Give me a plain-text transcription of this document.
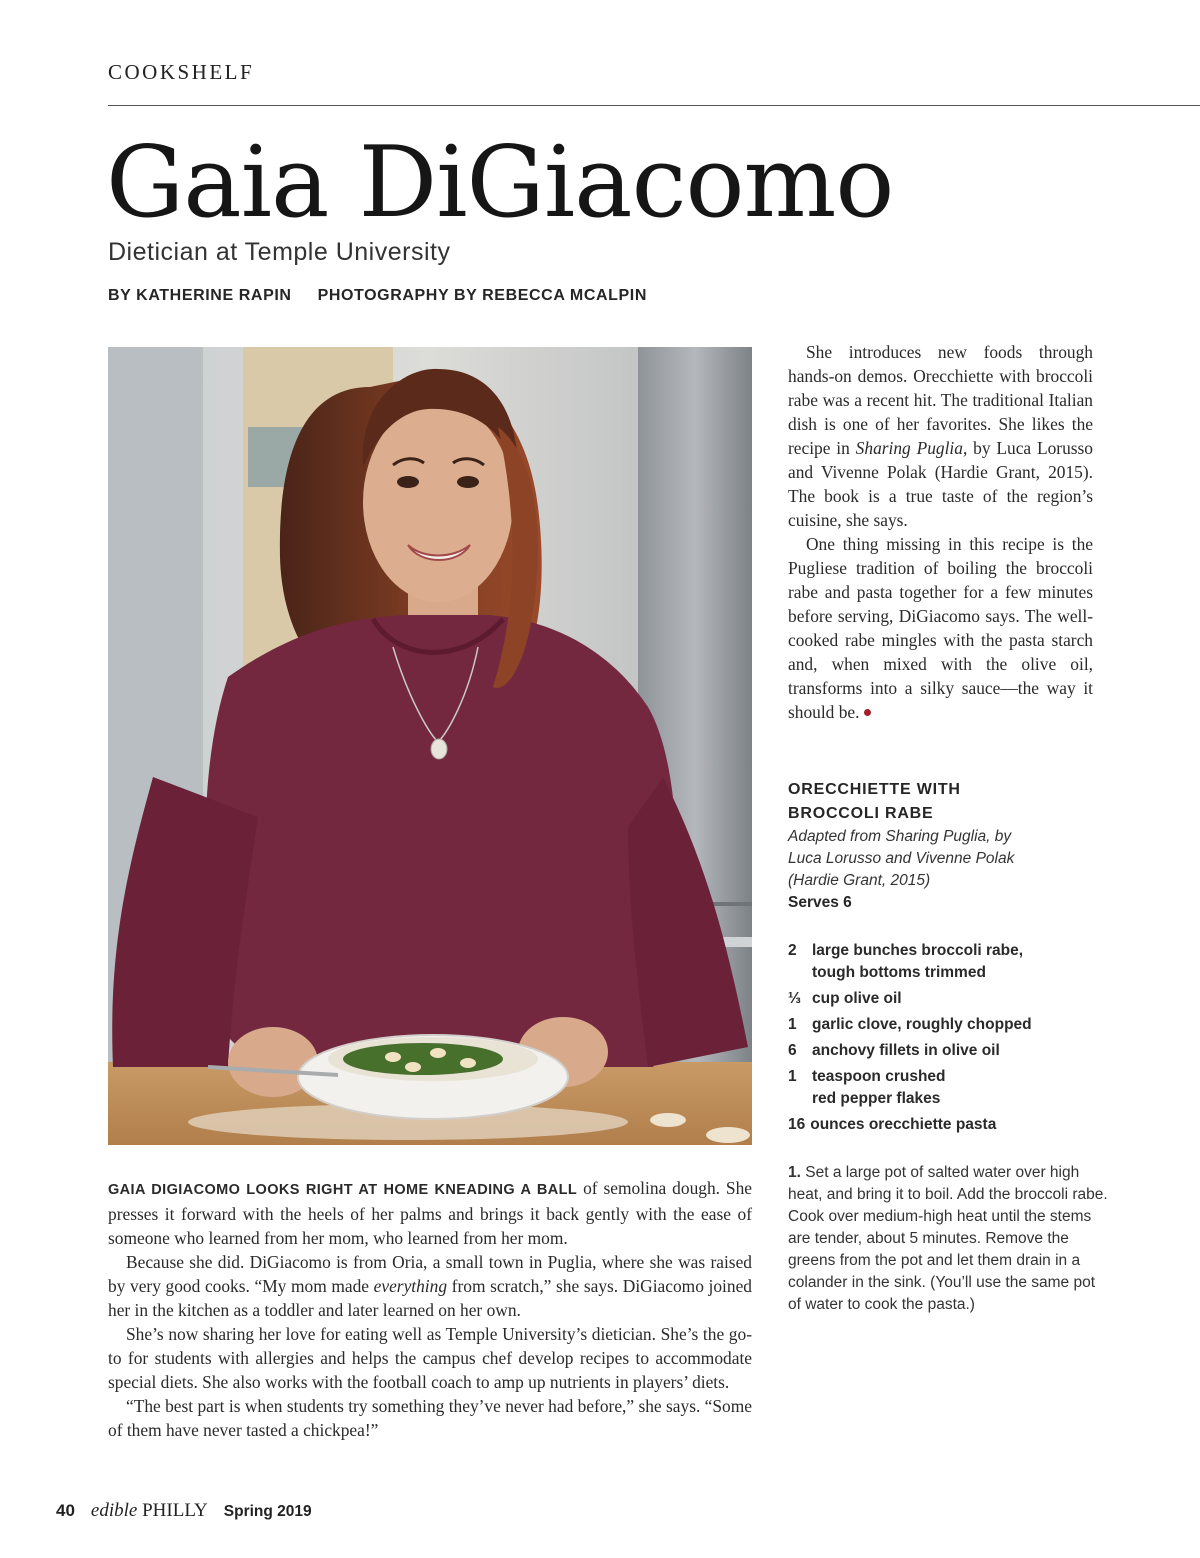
COOKSHELF
Gaia DiGiacomo
Dietician at Temple University
BY KATHERINE RAPIN PHOTOGRAPHY BY REBECCA MCALPIN

GAIA DIGIACOMO LOOKS RIGHT AT HOME KNEADING A BALL of semolina dough. She presses it forward with the heels of her palms and brings it back gently with the ease of someone who learned from her mom, who learned from her mom.

Because she did. DiGiacomo is from Oria, a small town in Puglia, where she was raised by very good cooks. “My mom made everything from scratch,” she says. DiGiacomo joined her in the kitchen as a toddler and later learned on her own.

She’s now sharing her love for eating well as Temple University’s dietician. She’s the go-to for students with allergies and helps the campus chef develop recipes to accommodate special diets. She also works with the football coach to amp up nutrients in players’ diets.

“The best part is when students try something they’ve never had before,” she says. “Some of them have never tasted a chickpea!”

She introduces new foods through hands-on demos. Orecchiette with broccoli rabe was a recent hit. The traditional Italian dish is one of her favorites. She likes the recipe in Sharing Puglia, by Luca Lorusso and Vivenne Polak (Hardie Grant, 2015). The book is a true taste of the region’s cuisine, she says.

One thing missing in this recipe is the Pugliese tradition of boiling the broccoli rabe and pasta together for a few minutes before serving, DiGiacomo says. The well-cooked rabe mingles with the pasta starch and, when mixed with the olive oil, transforms into a silky sauce—the way it should be.

ORECCHIETTE WITH
BROCCOLI RABE

Adapted from Sharing Puglia, by
Luca Lorusso and Vivenne Polak
(Hardie Grant, 2015)

Serves 6

2 large bunches broccoli rabe,
tough bottoms trimmed
⅓ cup olive oil
1 garlic clove, roughly chopped
6 anchovy fillets in olive oil
1 teaspoon crushed
red pepper flakes
16 ounces orecchiette pasta
1. Set a large pot of salted water over high heat, and bring it to boil. Add the broccoli rabe. Cook over medium-high heat until the stems are tender, about 5 minutes. Remove the greens from the pot and let them drain in a colander in the sink. (You’ll use the same pot of water to cook the pasta.)
40 edible PHILLY Spring 2019
